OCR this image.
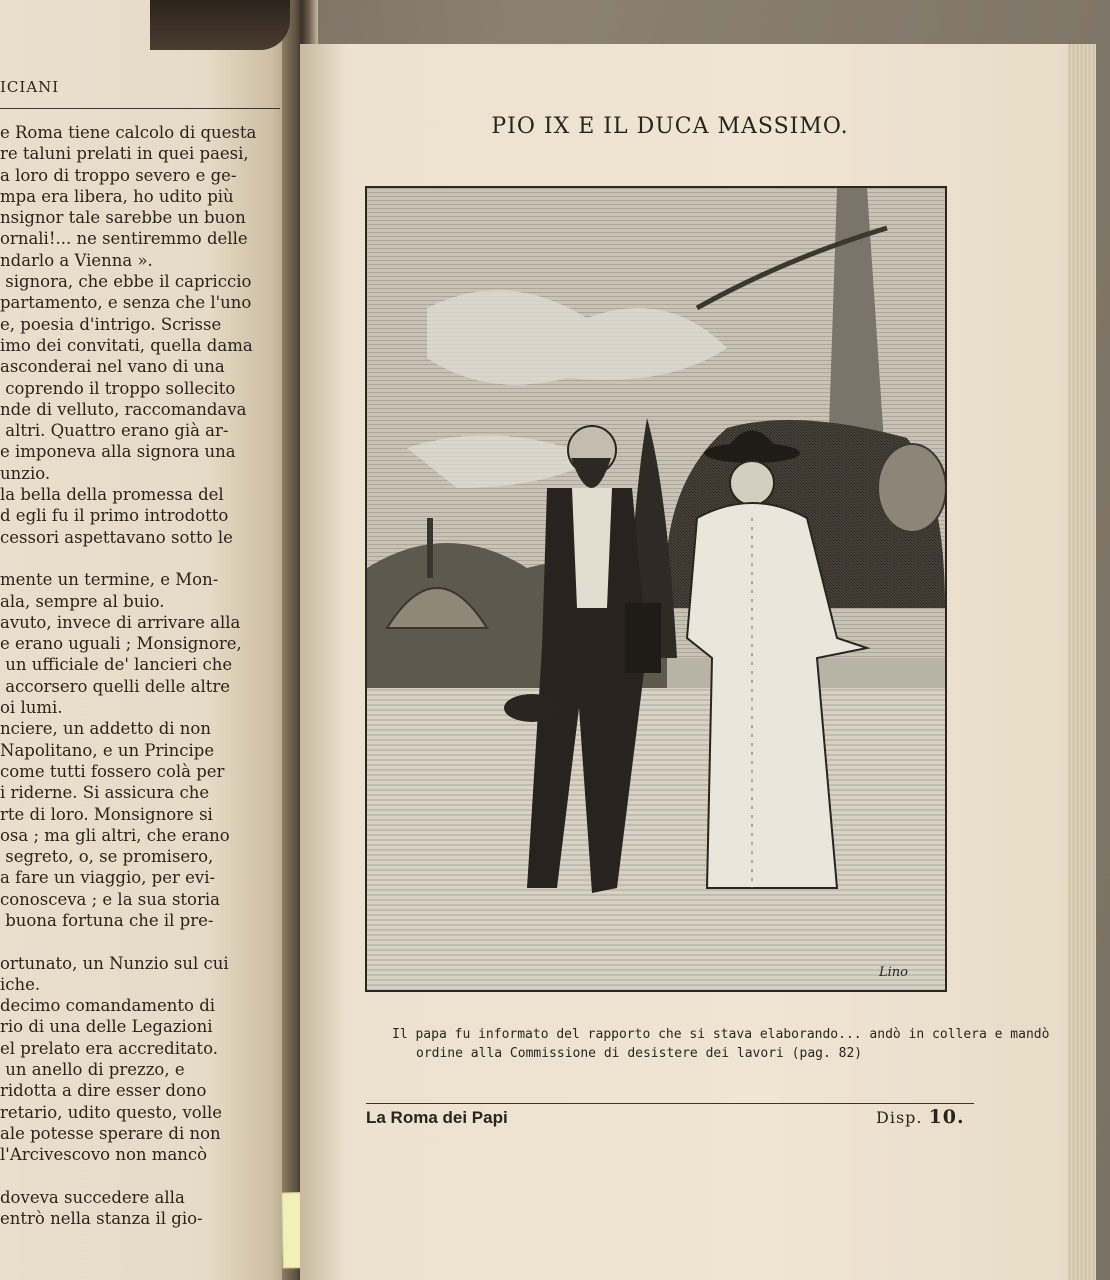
ICIANI
e Roma tiene calcolo di questa
re taluni prelati in quei paesi,
a loro di troppo severo e ge-
mpa era libera, ho udito più
nsignor tale sarebbe un buon
ornali!... ne sentiremmo delle
ndarlo a Vienna ».
signora, che ebbe il capriccio
partamento, e senza che l'uno
e, poesia d'intrigo. Scrisse
imo dei convitati, quella dama
asconderai nel vano di una
coprendo il troppo sollecito
nde di velluto, raccomandava
altri. Quattro erano già ar-
e imponeva alla signora una
unzio.
la bella della promessa del
d egli fu il primo introdotto
cessori aspettavano sotto le
mente un termine, e Mon-
ala, sempre al buio.
avuto, invece di arrivare alla
e erano uguali ; Monsignore,
un ufficiale de' lancieri che
accorsero quelli delle altre
oi lumi.
nciere, un addetto di non
Napolitano, e un Principe
come tutti fossero colà per
i riderne. Si assicura che
rte di loro. Monsignore si
osa ; ma gli altri, che erano
segreto, o, se promisero,
a fare un viaggio, per evi-
conosceva ; e la sua storia
buona fortuna che il pre-
ortunato, un Nunzio sul cui
iche.
decimo comandamento di
rio di una delle Legazioni
el prelato era accreditato.
un anello di prezzo, e
ridotta a dire esser dono
retario, udito questo, volle
ale potesse sperare di non
l'Arcivescovo non mancò
doveva succedere alla
entrò nella stanza il gio-
PIO IX E IL DUCA MASSIMO.
Lino
Il papa fu informato del rapporto che si stava elaborando... andò in collera e mandò
ordine alla Commissione di desistere dei lavori (pag. 82)
La Roma dei Papi	Disp. 10.
